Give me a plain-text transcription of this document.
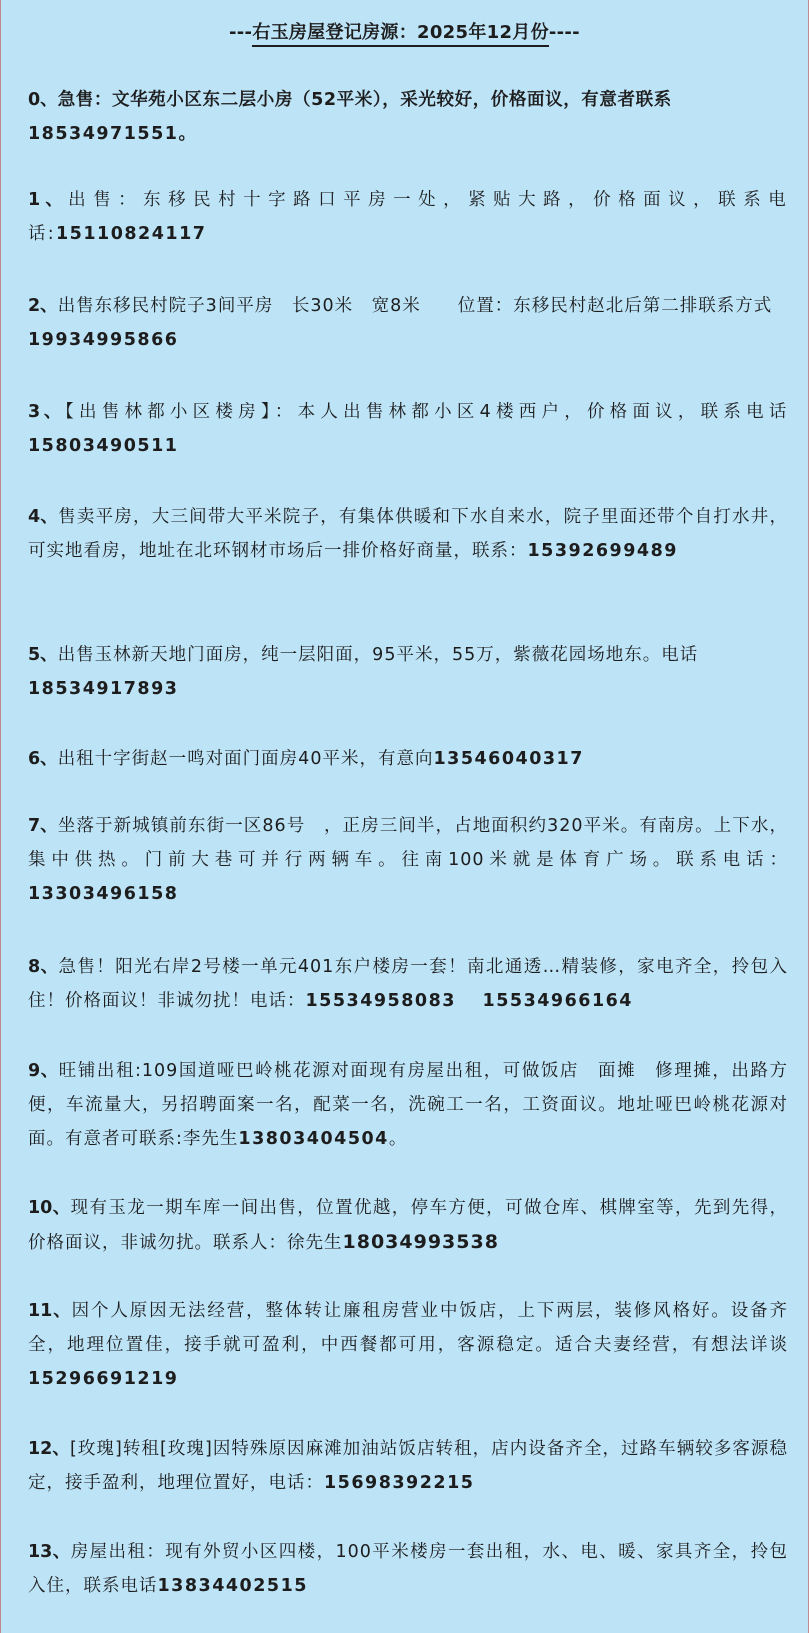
---右玉房屋登记房源：2025年12月份----

0、急售：文华苑小区东二层小房（52平米），采光较好，价格面议，有意者联系18534971551。

1、出售：东移民村十字路口平房一处，紧贴大路，价格面议，联系电话:15110824117

2、出售东移民村院子3间平房　长30米　宽8米　　位置：东移民村赵北后第二排联系方式19934995866

3、【出售林都小区楼房】：本人出售林都小区4楼西户，价格面议，联系电话15803490511

4、售卖平房，大三间带大平米院子，有集体供暖和下水自来水，院子里面还带个自打水井，可实地看房，地址在北环钢材市场后一排价格好商量，联系：15392699489

5、出售玉林新天地门面房，纯一层阳面，95平米，55万，紫薇花园场地东。电话18534917893

6、出租十字街赵一鸣对面门面房40平米，有意向13546040317

7、坐落于新城镇前东街一区86号　，正房三间半，占地面积约320平米。有南房。上下水，集中供热。门前大巷可并行两辆车。往南100米就是体育广场。联系电话：13303496158

8、急售！阳光右岸2号楼一单元401东户楼房一套！南北通透…精装修，家电齐全，拎包入住！价格面议！非诚勿扰！电话：15534958083　 15534966164

9、旺铺出租:109国道哑巴岭桃花源对面现有房屋出租，可做饭店　面摊　修理摊，出路方便，车流量大，另招聘面案一名，配菜一名，洗碗工一名，工资面议。地址哑巴岭桃花源对面。有意者可联系:李先生13803404504。

10、现有玉龙一期车库一间出售，位置优越，停车方便，可做仓库、棋牌室等，先到先得，价格面议，非诚勿扰。联系人：徐先生18034993538

11、因个人原因无法经营，整体转让廉租房营业中饭店，上下两层，装修风格好。设备齐全，地理位置佳，接手就可盈利，中西餐都可用，客源稳定。适合夫妻经营，有想法详谈15296691219

12、[玫瑰]转租[玫瑰]因特殊原因麻滩加油站饭店转租，店内设备齐全，过路车辆较多客源稳定，接手盈利，地理位置好，电话：15698392215

13、房屋出租：现有外贸小区四楼，100平米楼房一套出租，水、电、暖、家具齐全，拎包入住，联系电话13834402515
